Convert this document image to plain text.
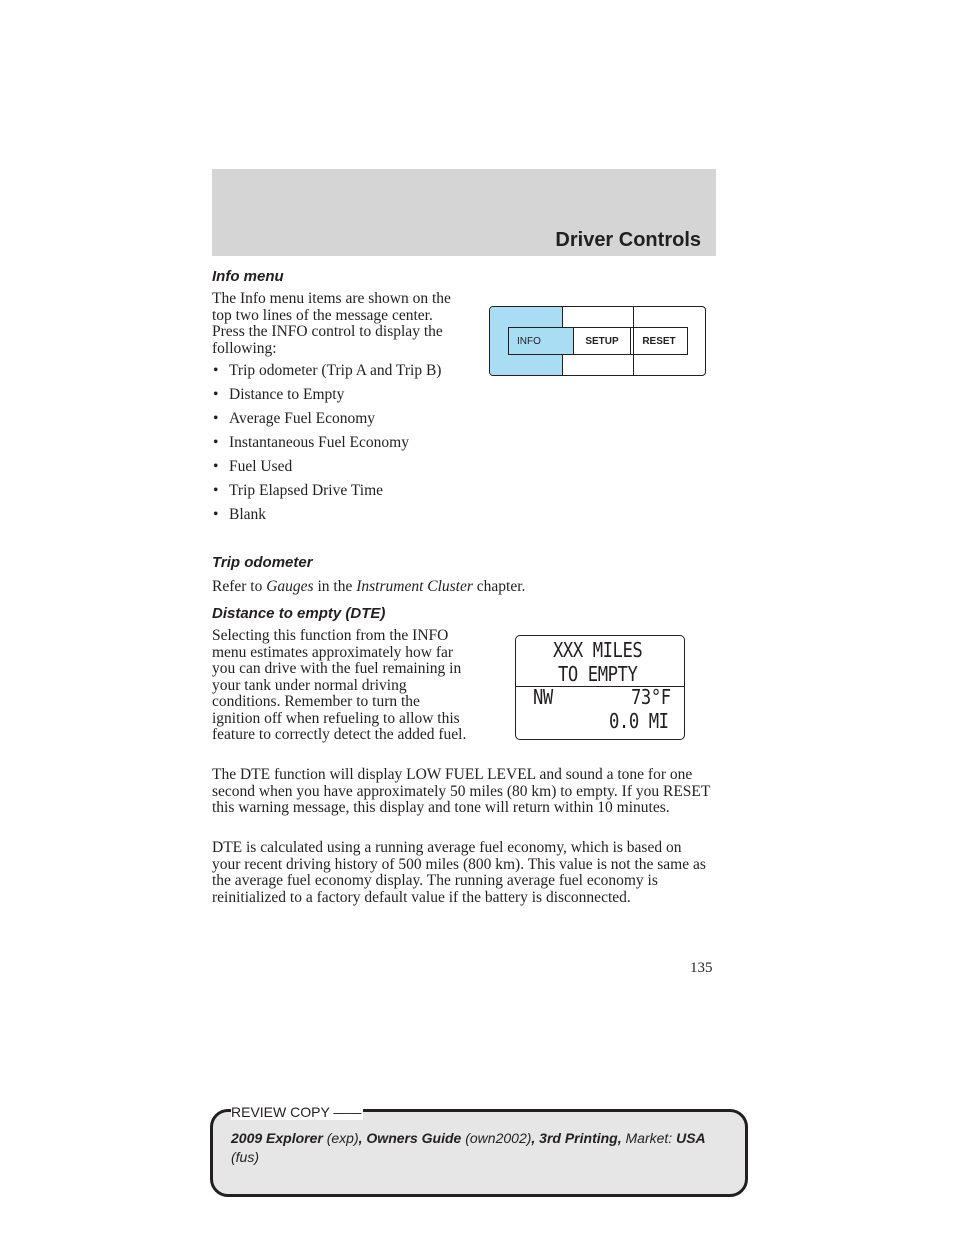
Driver Controls

Info menu

The Info menu items are shown on the top two lines of the message center. Press the INFO control to display the following:

• Trip odometer (Trip A and Trip B)
• Distance to Empty
• Average Fuel Economy
• Instantaneous Fuel Economy
• Fuel Used
• Trip Elapsed Drive Time
• Blank
INFO	SETUP	RESET

Trip odometer

Refer to Gauges in the Instrument Cluster chapter.

Distance to empty (DTE)

Selecting this function from the INFO menu estimates approximately how far you can drive with the fuel remaining in your tank under normal driving conditions. Remember to turn the ignition off when refueling to allow this feature to correctly detect the added fuel.

XXX MILES
TO EMPTY
NW	73°F
0.0 MI

The DTE function will display LOW FUEL LEVEL and sound a tone for one second when you have approximately 50 miles (80 km) to empty. If you RESET this warning message, this display and tone will return within 10 minutes.

DTE is calculated using a running average fuel economy, which is based on your recent driving history of 500 miles (800 km). This value is not the same as the average fuel economy display. The running average fuel economy is reinitialized to a factory default value if the battery is disconnected.

135
REVIEW COPY ——
2009 Explorer (exp), Owners Guide (own2002), 3rd Printing, Market: USA
(fus)
